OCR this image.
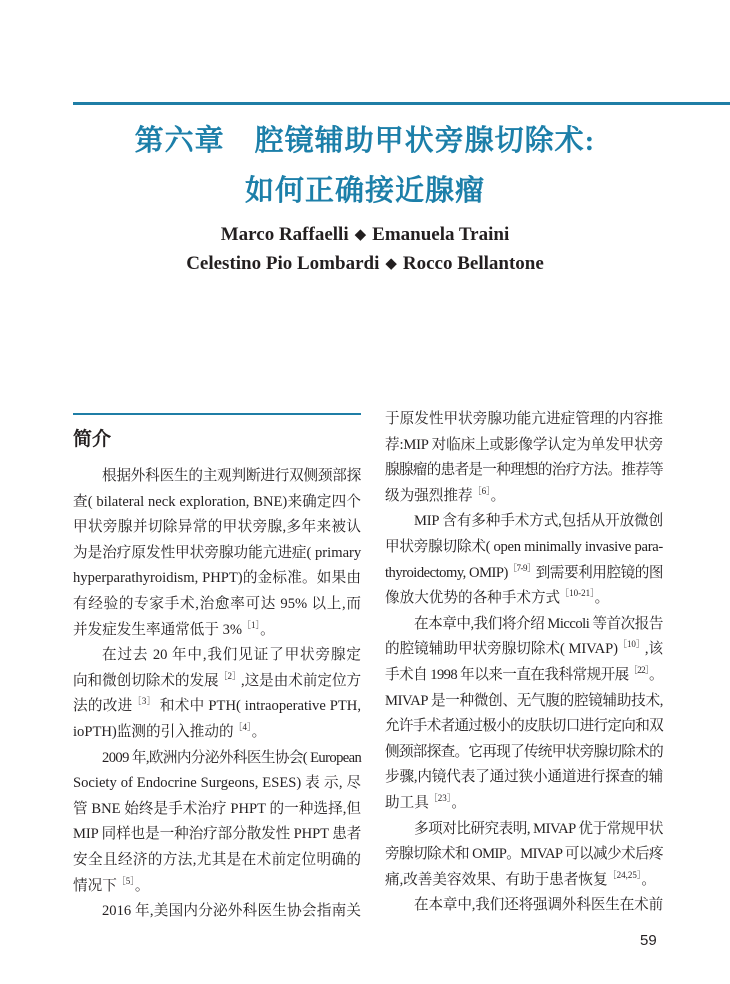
第六章　腔镜辅助甲状旁腺切除术:
如何正确接近腺瘤
Marco Raffaelli ◆ Emanuela Traini
Celestino Pio Lombardi ◆ Rocco Bellantone
简介
根据外科医生的主观判断进行双侧颈部探
查( bilateral neck exploration, BNE)来确定四个
甲状旁腺并切除异常的甲状旁腺,多年来被认
为是治疗原发性甲状旁腺功能亢进症( primary
hyperparathyroidism, PHPT)的金标准。如果由
有经验的专家手术,治愈率可达 95% 以上,而
并发症发生率通常低于 3%$^{[1]}$。
在过去 20 年中,我们见证了甲状旁腺定
向和微创切除术的发展$^{[2]}$,这是由术前定位方
法的改进$^{[3]}$ 和术中 PTH( intraoperative PTH,
ioPTH)监测的引入推动的$^{[4]}$。
2009 年,欧洲内分泌外科医生协会( European
Society of Endocrine Surgeons, ESES) 表 示, 尽
管 BNE 始终是手术治疗 PHPT 的一种选择,但
MIP 同样也是一种治疗部分散发性 PHPT 患者
安全且经济的方法,尤其是在术前定位明确的
情况下$^{[5]}$。
2016 年,美国内分泌外科医生协会指南关
于原发性甲状旁腺功能亢进症管理的内容推
荐:MIP 对临床上或影像学认定为单发甲状旁
腺腺瘤的患者是一种理想的治疗方法。推荐等
级为强烈推荐$^{[6]}$。
MIP 含有多种手术方式,包括从开放微创
甲状旁腺切除术( open minimally invasive para-
thyroidectomy, OMIP)$^{[7-9]}$到需要利用腔镜的图
像放大优势的各种手术方式$^{[10-21]}$。
在本章中,我们将介绍 Miccoli 等首次报告
的腔镜辅助甲状旁腺切除术( MIVAP)$^{[10]}$,该
手术自 1998 年以来一直在我科常规开展$^{[22]}$。
MIVAP 是一种微创、无气腹的腔镜辅助技术,
允许手术者通过极小的皮肤切口进行定向和双
侧颈部探查。它再现了传统甲状旁腺切除术的
步骤,内镜代表了通过狭小通道进行探查的辅
助工具$^{[23]}$。
多项对比研究表明, MIVAP 优于常规甲状
旁腺切除术和 OMIP。MIVAP 可以减少术后疼
痛,改善美容效果、有助于患者恢复$^{[24,25]}$。
在本章中,我们还将强调外科医生在术前
59
